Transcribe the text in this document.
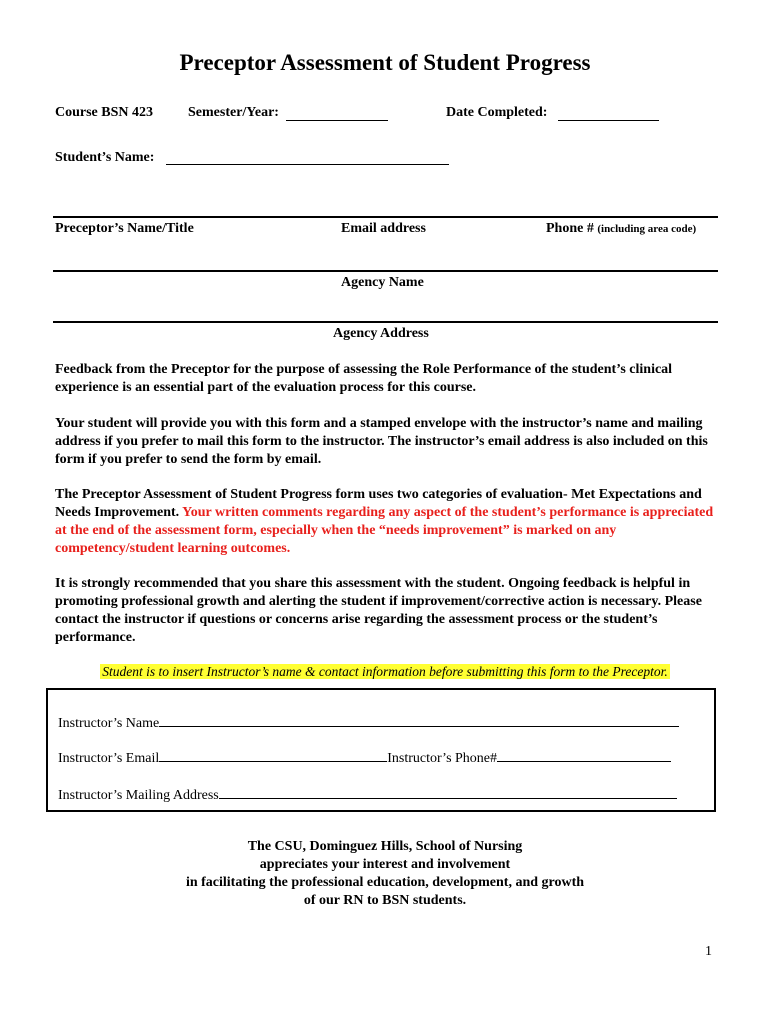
Preceptor Assessment of Student Progress
Course BSN 423 Semester/Year:	Date Completed:
Student’s Name:
Preceptor’s Name/Title	Email address	Phone # (including area code)
Agency Name
Agency Address
Feedback from the Preceptor for the purpose of assessing the Role Performance of the student’s clinical experience is an essential part of the evaluation process for this course.
Your student will provide you with this form and a stamped envelope with the instructor’s name and mailing address if you prefer to mail this form to the instructor. The instructor’s email address is also included on this form if you prefer to send the form by email.
The Preceptor Assessment of Student Progress form uses two categories of evaluation- Met Expectations and Needs Improvement. Your written comments regarding any aspect of the student’s performance is appreciated at the end of the assessment form, especially when the “needs improvement” is marked on any competency/student learning outcomes.
It is strongly recommended that you share this assessment with the student. Ongoing feedback is helpful in promoting professional growth and alerting the student if improvement/corrective action is necessary. Please contact the instructor if questions or concerns arise regarding the assessment process or the student’s performance.
Student is to insert Instructor’s name & contact information before submitting this form to the Preceptor.
Instructor’s Name
Instructor’s Email	Instructor’s Phone#
Instructor’s Mailing Address
The CSU, Dominguez Hills, School of Nursing
appreciates your interest and involvement
in facilitating the professional education, development, and growth
of our RN to BSN students.
1
